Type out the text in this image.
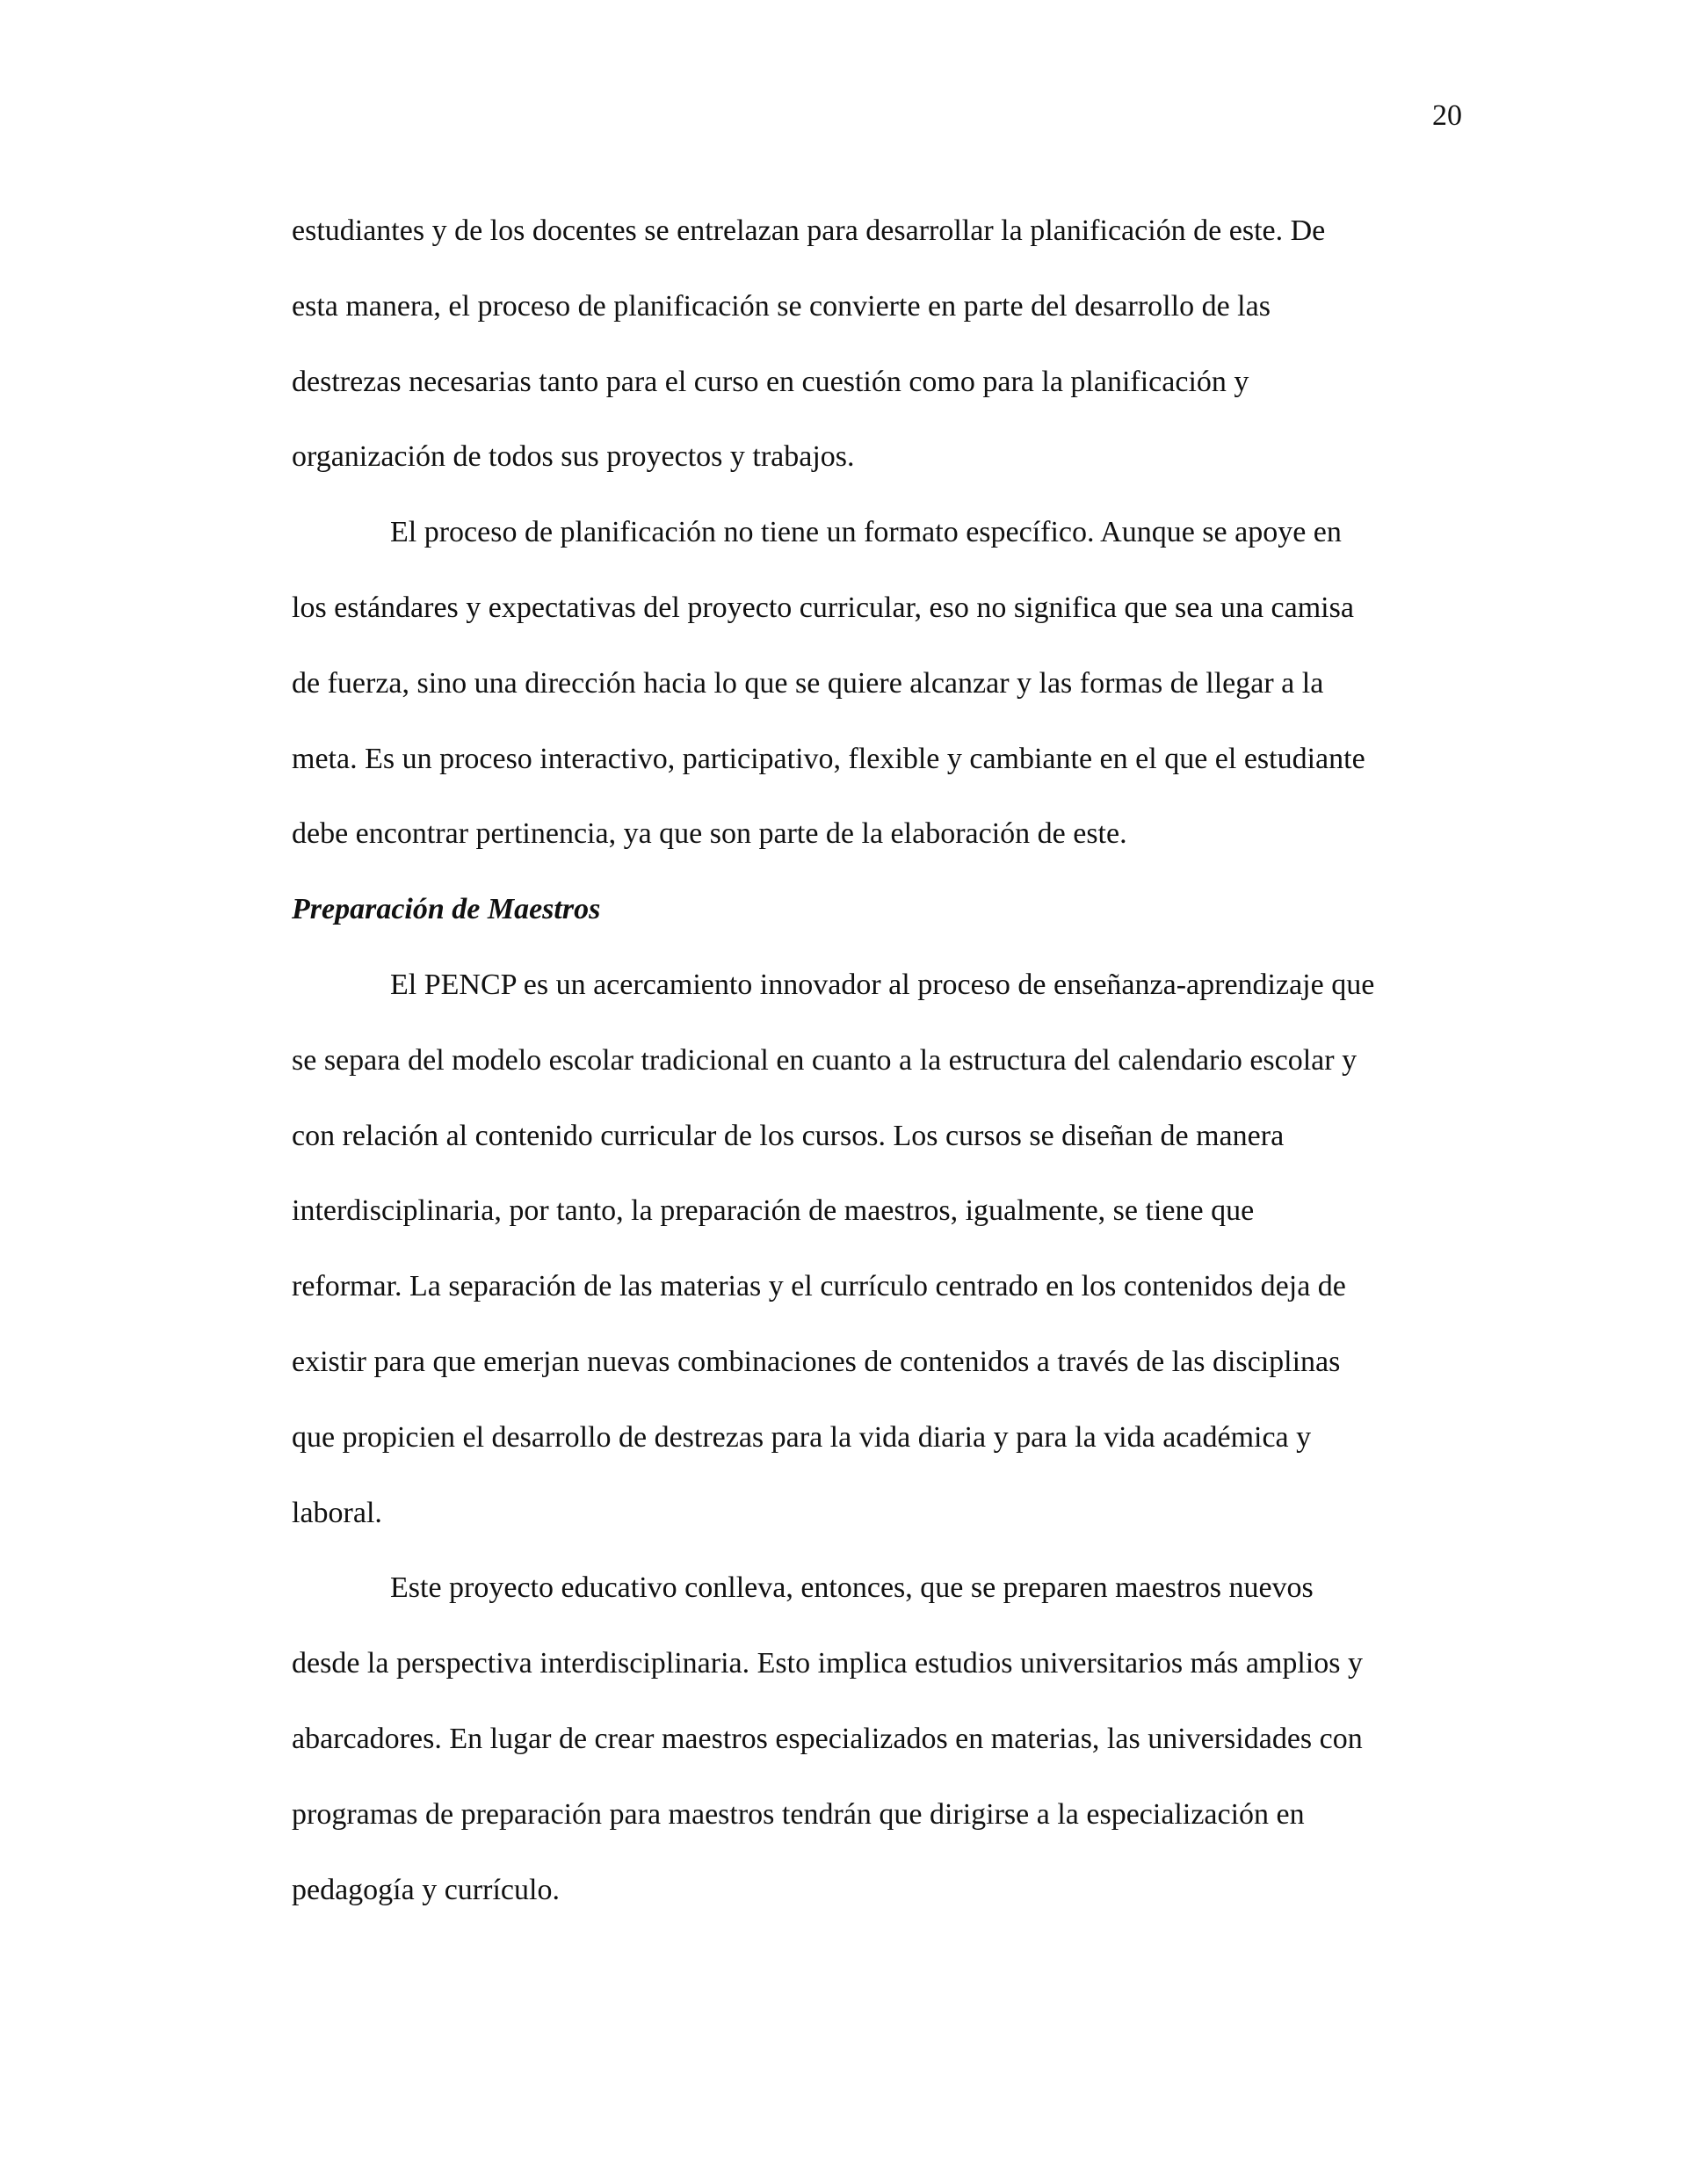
20
estudiantes y de los docentes se entrelazan para desarrollar la planificación de este. De
esta manera, el proceso de planificación se convierte en parte del desarrollo de las
destrezas necesarias tanto para el curso en cuestión como para la planificación y
organización de todos sus proyectos y trabajos.
El proceso de planificación no tiene un formato específico. Aunque se apoye en
los estándares y expectativas del proyecto curricular, eso no significa que sea una camisa
de fuerza, sino una dirección hacia lo que se quiere alcanzar y las formas de llegar a la
meta. Es un proceso interactivo, participativo, flexible y cambiante en el que el estudiante
debe encontrar pertinencia, ya que son parte de la elaboración de este.
Preparación de Maestros
El PENCP es un acercamiento innovador al proceso de enseñanza-aprendizaje que
se separa del modelo escolar tradicional en cuanto a la estructura del calendario escolar y
con relación al contenido curricular de los cursos. Los cursos se diseñan de manera
interdisciplinaria, por tanto, la preparación de maestros, igualmente, se tiene que
reformar. La separación de las materias y el currículo centrado en los contenidos deja de
existir para que emerjan nuevas combinaciones de contenidos a través de las disciplinas
que propicien el desarrollo de destrezas para la vida diaria y para la vida académica y
laboral.
Este proyecto educativo conlleva, entonces, que se preparen maestros nuevos
desde la perspectiva interdisciplinaria. Esto implica estudios universitarios más amplios y
abarcadores. En lugar de crear maestros especializados en materias, las universidades con
programas de preparación para maestros tendrán que dirigirse a la especialización en
pedagogía y currículo.
